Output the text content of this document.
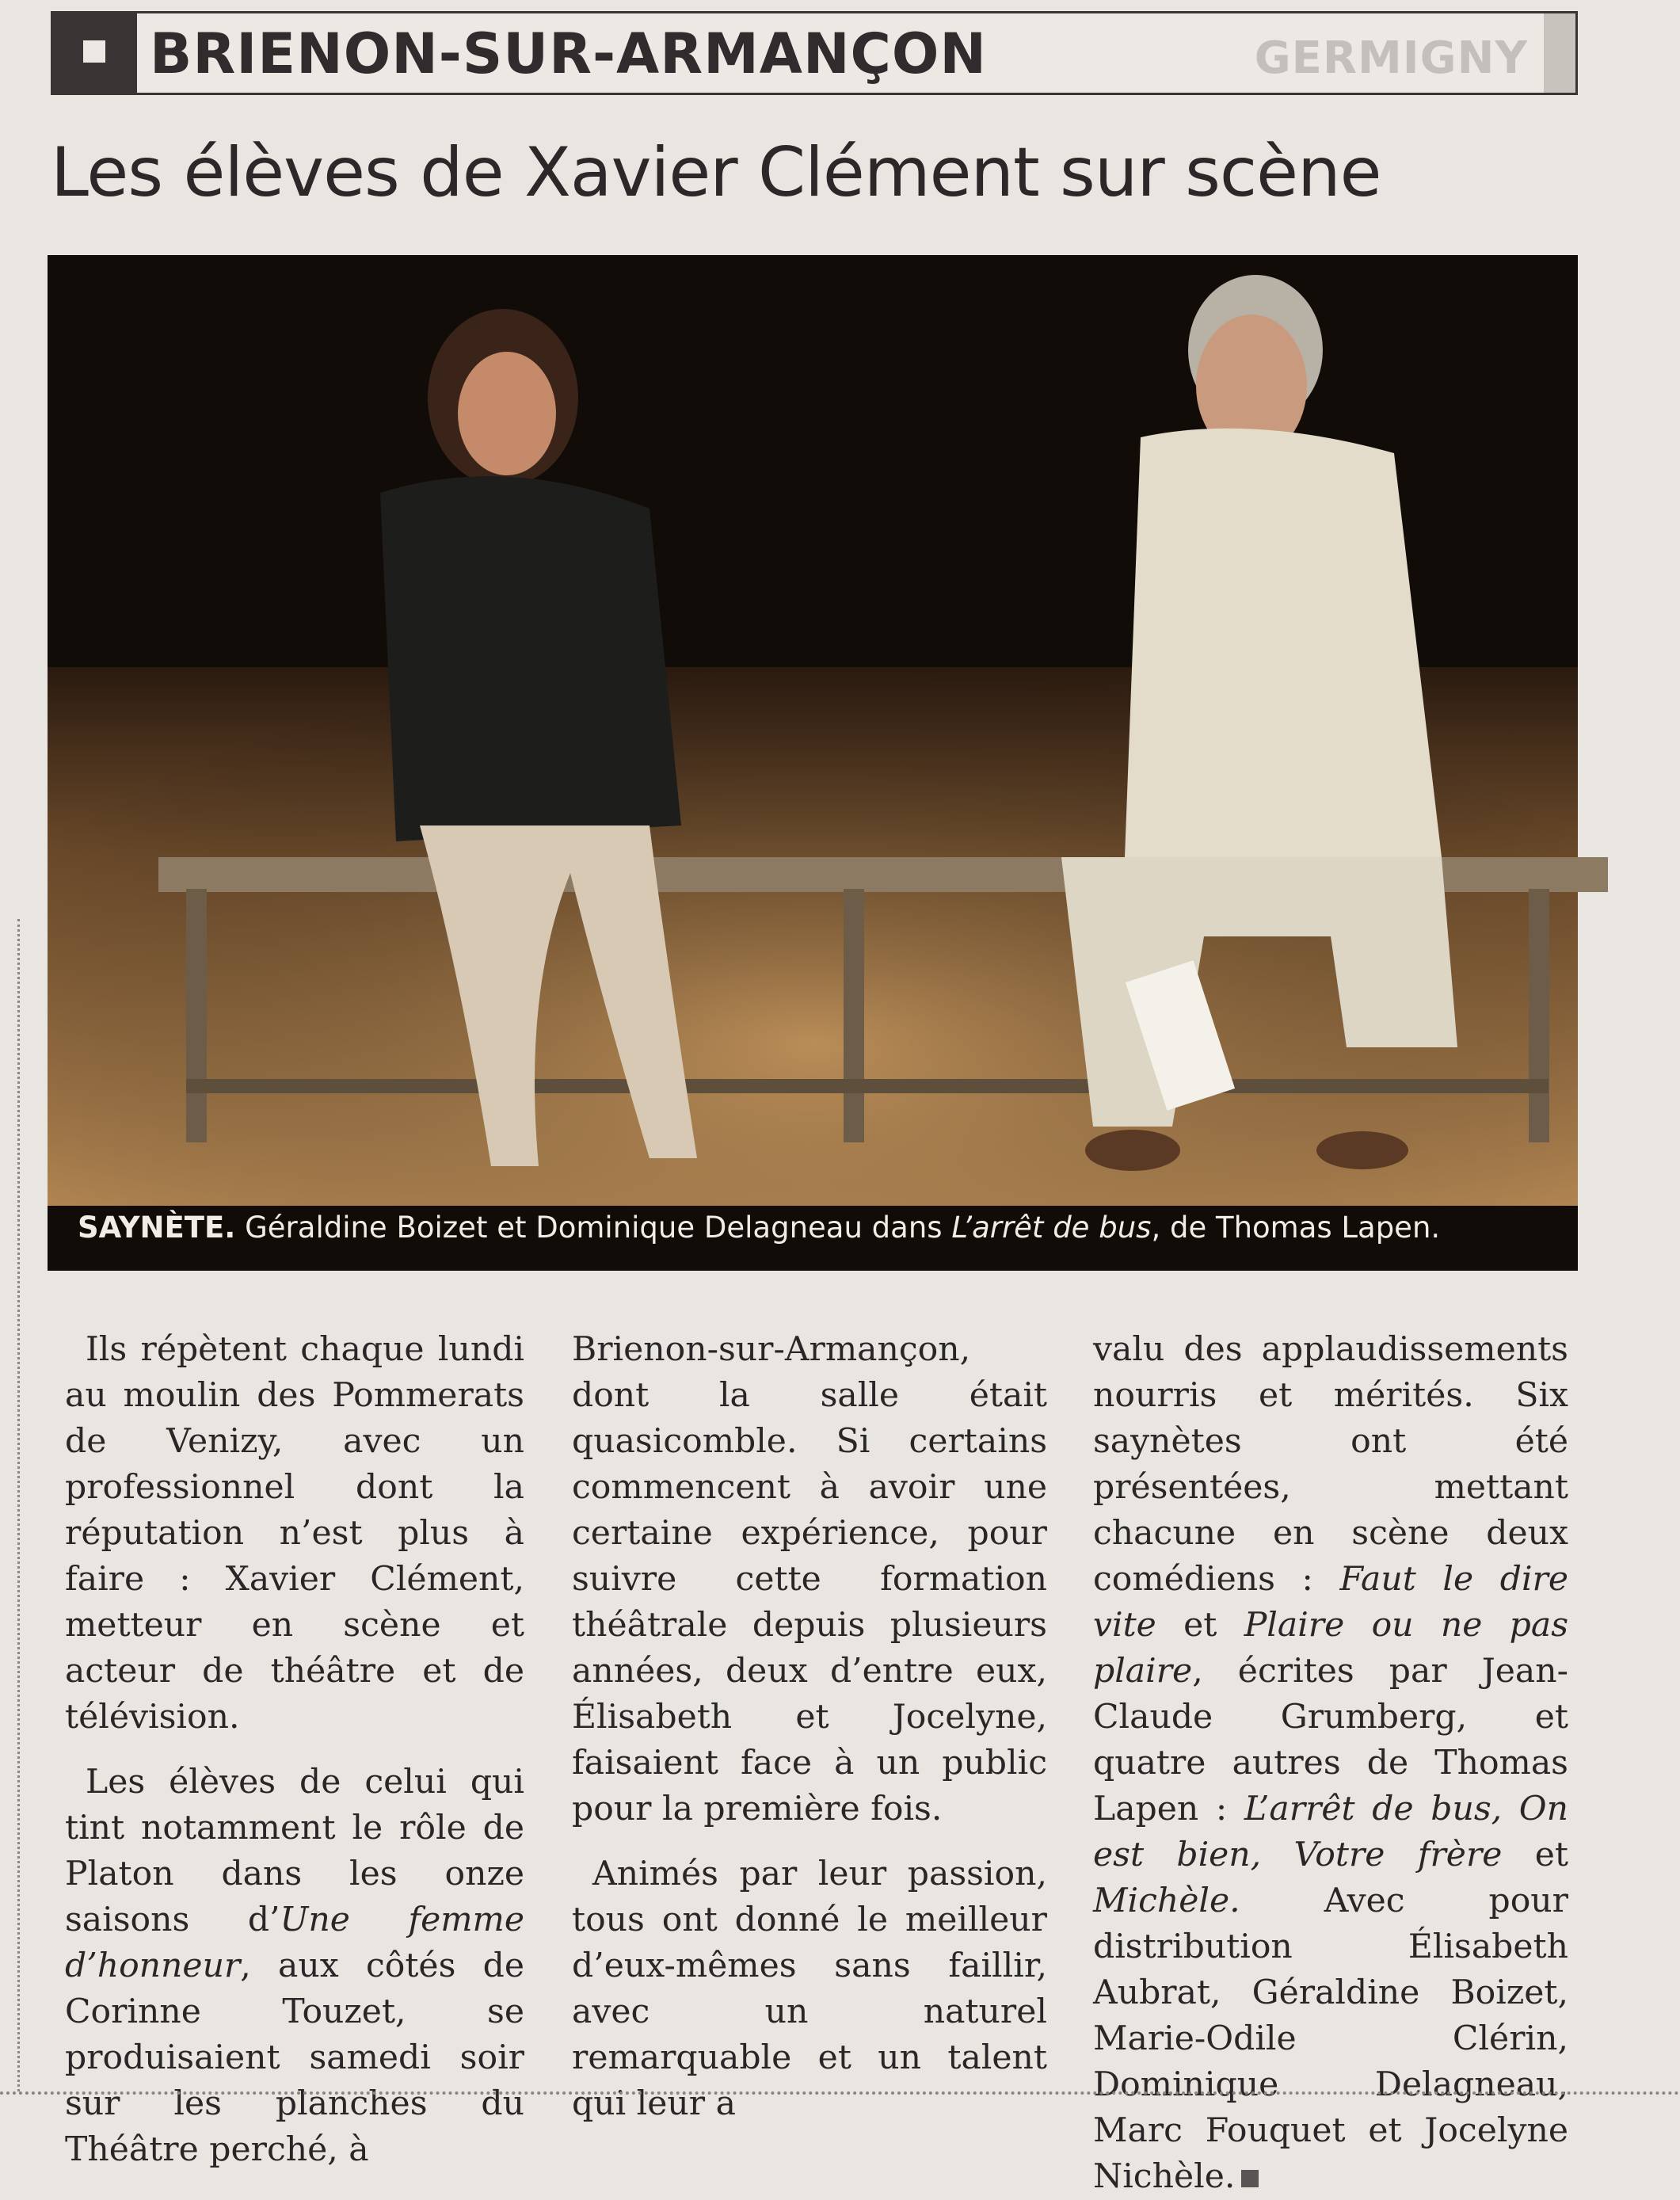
BRIENON-SUR-ARMANÇON	GERMIGNY
Les élèves de Xavier Clément sur scène
SAYNÈTE. Géraldine Boizet et Dominique Delagneau dans L’arrêt de bus, de Thomas Lapen.

Ils répètent chaque lundi au moulin des Pommerats de Venizy, avec un professionnel dont la réputation n’est plus à faire : Xavier Clément, metteur en scène et acteur de théâtre et de télévision.

Les élèves de celui qui tint notamment le rôle de Platon dans les onze saisons d’Une femme d’honneur, aux côtés de Corinne Touzet, se produisaient samedi soir sur les planches du Théâtre perché, à

Brienon-sur-Armançon, dont la salle était quasicomble. Si certains commencent à avoir une certaine expérience, pour suivre cette formation théâtrale depuis plusieurs années, deux d’entre eux, Élisabeth et Jocelyne, faisaient face à un public pour la première fois.

Animés par leur passion, tous ont donné le meilleur d’eux-mêmes sans faillir, avec un naturel remarquable et un talent qui leur a

valu des applaudissements nourris et mérités. Six saynètes ont été présentées, mettant chacune en scène deux comédiens : Faut le dire vite et Plaire ou ne pas plaire, écrites par Jean-Claude Grumberg, et quatre autres de Thomas Lapen : L’arrêt de bus, On est bien, Votre frère et Michèle. Avec pour distribution Élisabeth Aubrat, Géraldine Boizet, Marie-Odile Clérin, Dominique Delagneau, Marc Fouquet et Jocelyne Nichèle.
